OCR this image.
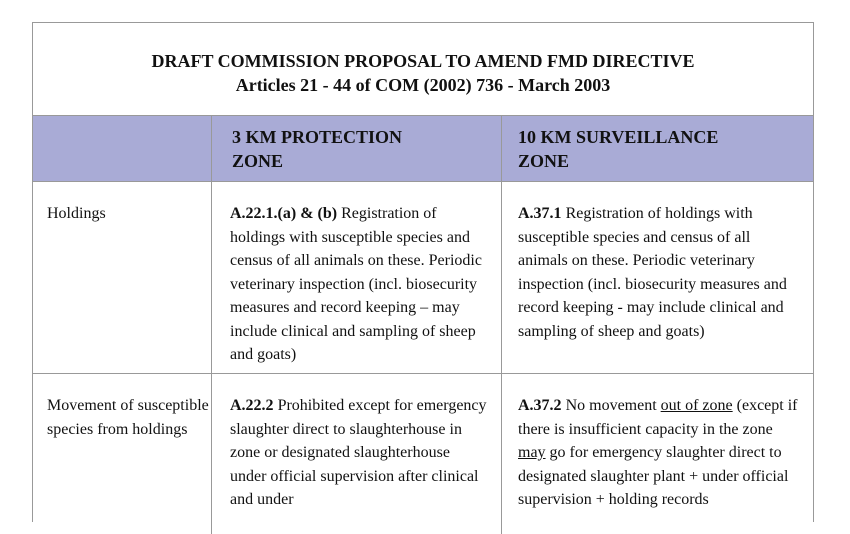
DRAFT COMMISSION PROPOSAL TO AMEND FMD DIRECTIVE
Articles 21 - 44 of COM (2002) 736 - March 2003
3 KM PROTECTION
ZONE
10 KM SURVEILLANCE
ZONE
Holdings	A.22.1.(a) & (b) Registration of holdings with susceptible species and census of all animals on these. Periodic veterinary inspection (incl. biosecurity measures and record keeping – may include clinical and sampling of sheep and goats)
A.37.1 Registration of holdings with susceptible species and census of all animals on these. Periodic veterinary inspection (incl. biosecurity measures and record keeping - may include clinical and sampling of sheep and goats)
Movement of susceptible species from holdings
A.22.2 Prohibited except for emergency slaughter direct to slaughterhouse in zone or designated slaughterhouse under official supervision after clinical and under
A.37.2 No movement out of zone (except if there is insufficient capacity in the zone may go for emergency slaughter direct to designated slaughter plant + under official supervision + holding records
